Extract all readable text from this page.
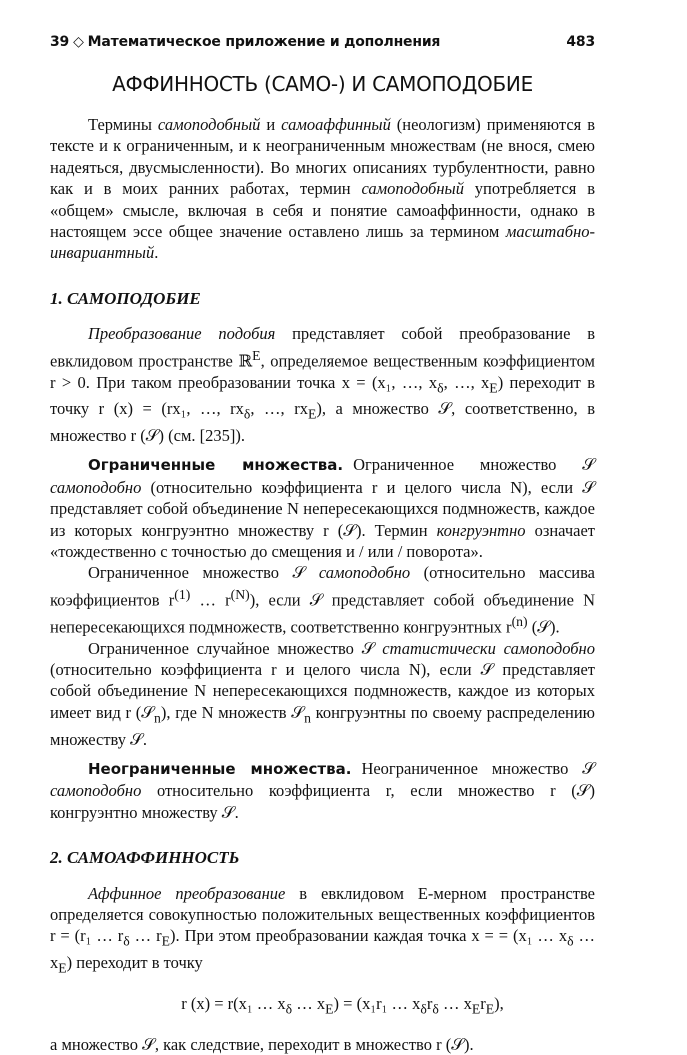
39 ◇ Математическое приложение и дополнения	483
АФФИННОСТЬ (САМО-) И САМОПОДОБИЕ

Термины самоподобный и самоаффинный (неологизм) применяются в тексте и к ограниченным, и к неограниченным множествам (не внося, смею надеяться, двусмысленности). Во многих описаниях турбулентности, равно как и в моих ранних работах, термин самоподобный употребляется в «общем» смысле, включая в себя и понятие самоаффинности, однако в настоящем эссе общее значение оставлено лишь за термином масштабно-инвариантный.

1. САМОПОДОБИЕ

Преобразование подобия представляет собой преобразование в евклидовом пространстве ℝ$^E$, определяемое вещественным коэффициентом r > 0. При таком преобразовании точка x = (x₁, …, $x_\delta$, …, $x_E$) переходит в точку r (x) = (rx₁, …, $rx_\delta$, …, $rx_E$), а множество 𝒮, соответственно, в множество r (𝒮) (см. [235]).

Ограниченные множества. Ограниченное множество 𝒮 самоподобно (относительно коэффициента r и целого числа N), если 𝒮 представляет собой объединение N непересекающихся подмножеств, каждое из которых конгруэнтно множеству r (𝒮). Термин конгруэнтно означает «тождественно с точностью до смещения и / или / поворота».

Ограниченное множество 𝒮 самоподобно (относительно массива коэффициентов $r^{(1)}$ … $r^{(N)}$), если 𝒮 представляет собой объединение N непересекающихся подмножеств, соответственно конгруэнтных $r^{(n)}$ (𝒮).

Ограниченное случайное множество 𝒮 статистически самоподобно (относительно коэффициента r и целого числа N), если 𝒮 представляет собой объединение N непересекающихся подмножеств, каждое из которых имеет вид r (𝒮$_n$), где N множеств 𝒮$_n$ конгруэнтны по своему распределению множеству 𝒮.

Неограниченные множества. Неограниченное множество 𝒮 самоподобно относительно коэффициента r, если множество r (𝒮) конгруэнтно множеству 𝒮.

2. САМОАФФИННОСТЬ

Аффинное преобразование в евклидовом E-мерном пространстве определяется совокупностью положительных вещественных коэффициентов r = (r₁ … $r_\delta$ … $r_E$). При этом преобразовании каждая точка x = = (x₁ … $x_\delta$ … $x_E$) переходит в точку

r (x) = r(x₁ … $x_\delta$ … $x_E) = (x_1r_1$ … $x_\delta r_\delta$ … $x_Er_E$),

а множество 𝒮, как следствие, переходит в множество r (𝒮).
